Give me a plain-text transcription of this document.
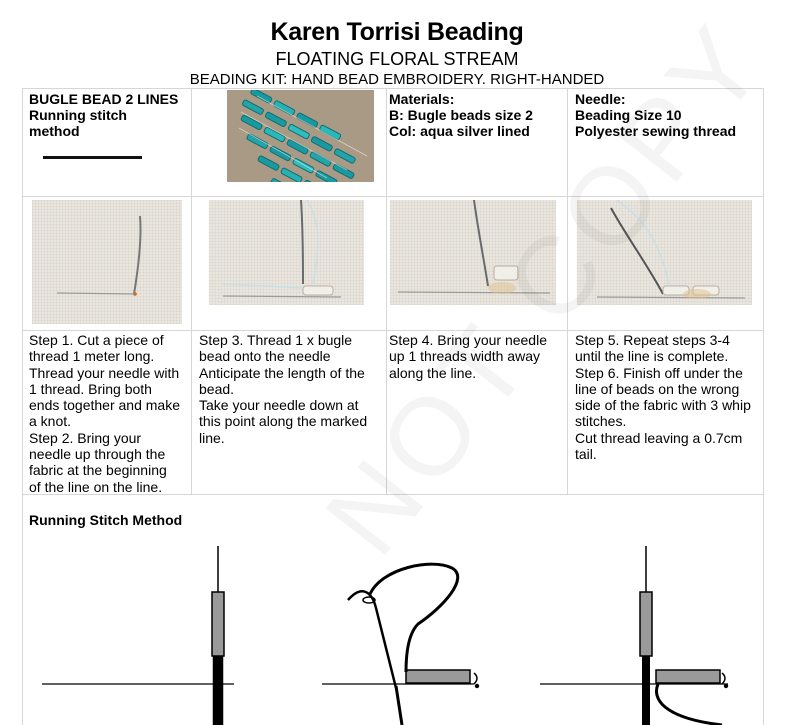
Karen Torrisi Beading
FLOATING FLORAL STREAM
BEADING KIT: HAND BEAD EMBROIDERY. RIGHT-HANDED
BUGLE BEAD 2 LINES
Running stitch
method
Materials:
B: Bugle beads size 2
Col: aqua silver lined
Needle:
Beading Size 10
Polyester sewing thread
Step 1. Cut a piece of
thread 1 meter long.
Thread your needle with
1 thread. Bring both
ends together and make
a knot.
Step 2. Bring your
needle up through the
fabric at the beginning
of the line on the line.
Step 3. Thread 1 x bugle
bead onto the needle
Anticipate the length of the
bead.
Take your needle down at
this point along the marked
line.
Step 4. Bring your needle
up 1 threads width away
along the line.
Step 5. Repeat steps 3-4
until the line is complete.
Step 6. Finish off under the
line of beads on the wrong
side of the fabric with 3 whip
stitches.
Cut thread leaving a 0.7cm
tail.
Running Stitch Method
